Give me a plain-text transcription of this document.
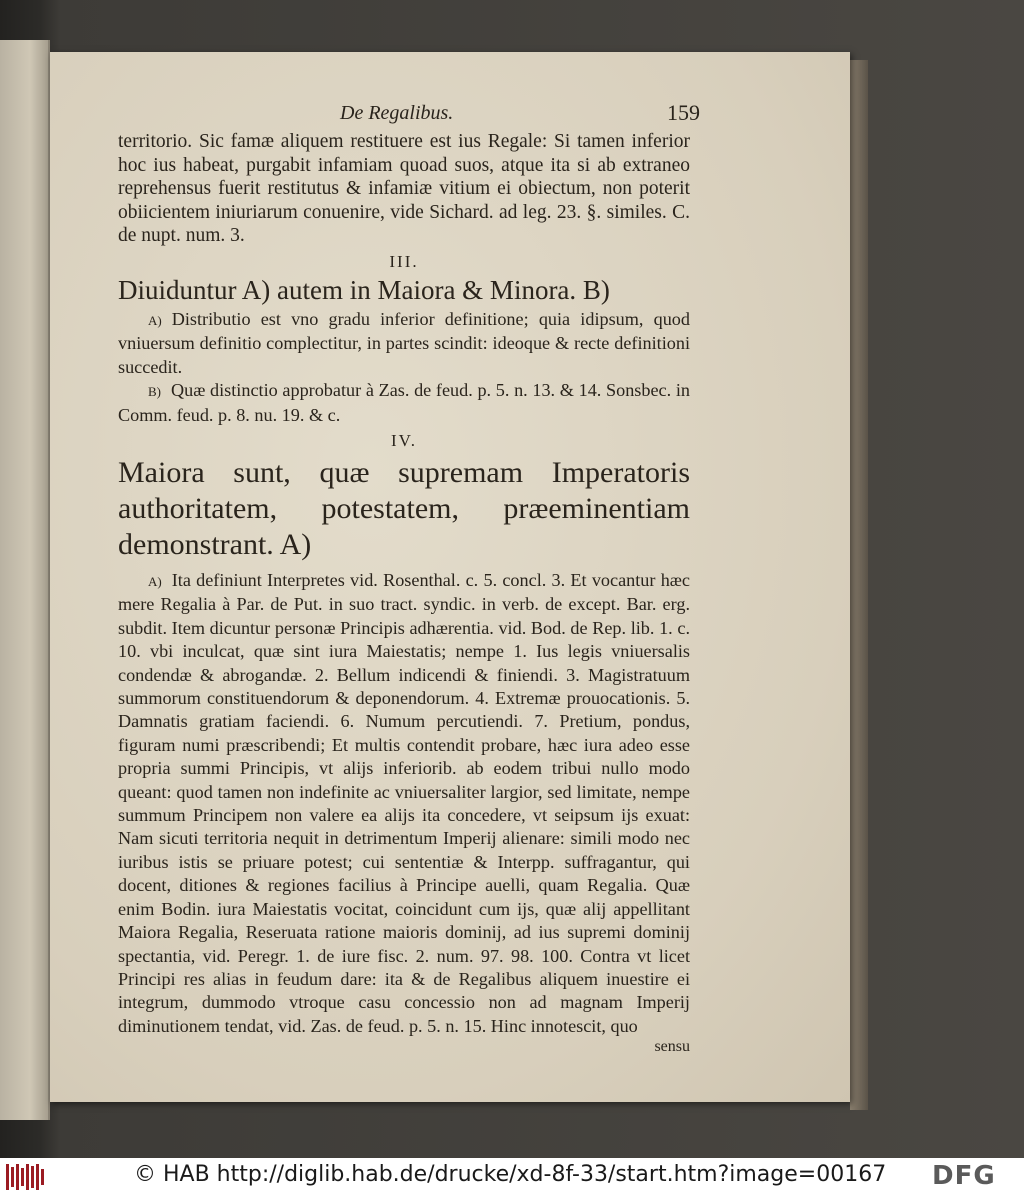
De Regalibus.	159

territorio. Sic famæ aliquem restituere est ius Regale: Si tamen inferior hoc ius habeat, purgabit infamiam quoad suos, atque ita si ab extraneo reprehensus fuerit restitutus & infamiæ vitium ei obiectum, non poterit obiicientem iniuriarum conuenire, vide Sichard. ad leg. 23. §. similes. C. de nupt. num. 3.

III.
Diuiduntur A) autem in Maiora & Minora. B)

A) Distributio est vno gradu inferior definitione; quia idipsum, quod vniuersum definitio complectitur, in partes scindit: ideoque & recte definitioni succedit.

B) Quæ distinctio approbatur à Zas. de feud. p. 5. n. 13. & 14. Sonsbec. in Comm. feud. p. 8. nu. 19. & c.

IV.
Maiora sunt, quæ supremam Imperatoris authoritatem, potestatem, præeminentiam demonstrant. A)

A) Ita definiunt Interpretes vid. Rosenthal. c. 5. concl. 3. Et vocantur hæc mere Regalia à Par. de Put. in suo tract. syndic. in verb. de except. Bar. erg. subdit. Item dicuntur personæ Principis adhærentia. vid. Bod. de Rep. lib. 1. c. 10. vbi inculcat, quæ sint iura Maiestatis; nempe 1. Ius legis vniuersalis condendæ & abrogandæ. 2. Bellum indicendi & finiendi. 3. Magistratuum summorum constituendorum & deponendorum. 4. Extremæ prouocationis. 5. Damnatis gratiam faciendi. 6. Numum percutiendi. 7. Pretium, pondus, figuram numi præscribendi; Et multis contendit probare, hæc iura adeo esse propria summi Principis, vt alijs inferiorib. ab eodem tribui nullo modo queant: quod tamen non indefinite ac vniuersaliter largior, sed limitate, nempe summum Principem non valere ea alijs ita concedere, vt seipsum ijs exuat: Nam sicuti territoria nequit in detrimentum Imperij alienare: simili modo nec iuribus istis se priuare potest; cui sententiæ & Interpp. suffragantur, qui docent, ditiones & regiones facilius à Principe auelli, quam Regalia. Quæ enim Bodin. iura Maiestatis vocitat, coincidunt cum ijs, quæ alij appellitant Maiora Regalia, Reseruata ratione maioris dominij, ad ius supremi dominij spectantia, vid. Peregr. 1. de iure fisc. 2. num. 97. 98. 100. Contra vt licet Principi res alias in feudum dare: ita & de Regalibus aliquem inuestire ei integrum, dummodo vtroque casu concessio non ad magnam Imperij diminutionem tendat, vid. Zas. de feud. p. 5. n. 15. Hinc innotescit, quo

sensu
© HAB http://diglib.hab.de/drucke/xd-8f-33/start.htm?image=00167 DFG
